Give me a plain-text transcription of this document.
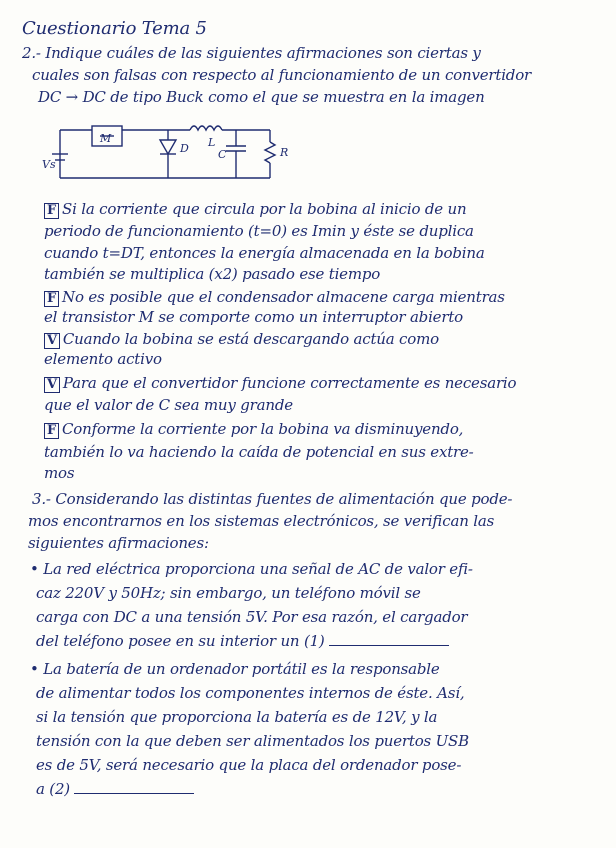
Cuestionario Tema 5
2.- Indique cuáles de las siguientes afirmaciones son ciertas y
cuales son falsas con respecto al funcionamiento de un convertidor
DC → DC de tipo Buck como el que se muestra en la imagen
Vs
M
D L
C	R
F Si la corriente que circula por la bobina al inicio de un
periodo de funcionamiento (t=0) es Imin y éste se duplica
cuando t=DT, entonces la energía almacenada en la bobina
también se multiplica (x2) pasado ese tiempo
F No es posible que el condensador almacene carga mientras
el transistor M se comporte como un interruptor abierto
V Cuando la bobina se está descargando actúa como
elemento activo
V Para que el convertidor funcione correctamente es necesario
que el valor de C sea muy grande
F Conforme la corriente por la bobina va disminuyendo,
también lo va haciendo la caída de potencial en sus extre-
mos
3.- Considerando las distintas fuentes de alimentación que pode-
mos encontrarnos en los sistemas electrónicos, se verifican las
siguientes afirmaciones:
• La red eléctrica proporciona una señal de AC de valor efi-
caz 220V y 50Hz; sin embargo, un teléfono móvil se
carga con DC a una tensión 5V. Por esa razón, el cargador
del teléfono posee en su interior un (1)
• La batería de un ordenador portátil es la responsable
de alimentar todos los componentes internos de éste. Así,
si la tensión que proporciona la batería es de 12V, y la
tensión con la que deben ser alimentados los puertos USB
es de 5V, será necesario que la placa del ordenador pose-
a (2)
